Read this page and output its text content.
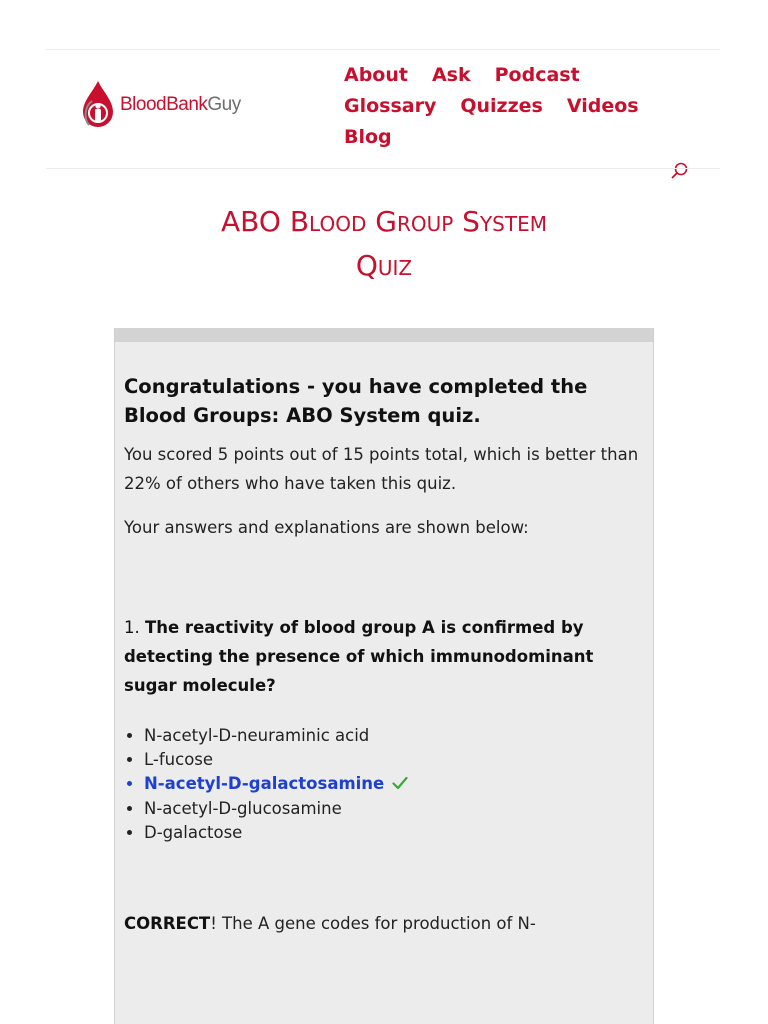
BloodBankGuy
About Ask Podcast
Glossary Quizzes Videos
Blog
ABO Blood Group System
Quiz
Congratulations - you have completed the Blood Groups: ABO System quiz.

You scored 5 points out of 15 points total, which is better than 22% of others who have taken this quiz.

Your answers and explanations are shown below:

1. The reactivity of blood group A is confirmed by detecting the presence of which immunodominant sugar molecule?

• N-acetyl-D-neuraminic acid
• L-fucose
• N-acetyl-D-galactosamine
• N-acetyl-D-glucosamine
• D-galactose

CORRECT! The A gene codes for production of N-
